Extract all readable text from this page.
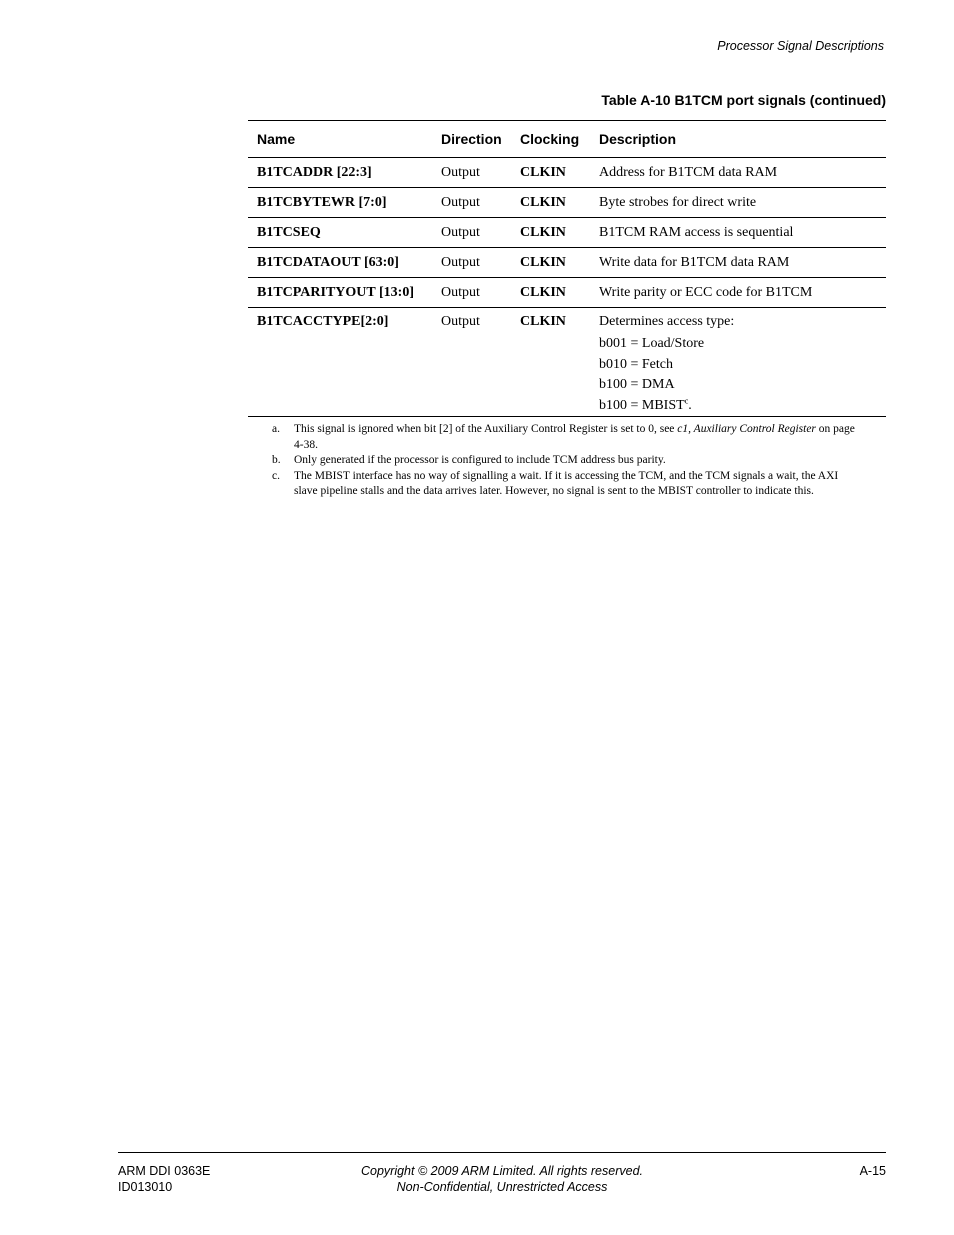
Processor Signal Descriptions
Table A-10 B1TCM port signals (continued)
Name	Direction	Clocking	Description
B1TCADDR [22:3]	Output	CLKIN	Address for B1TCM data RAM
B1TCBYTEWR [7:0]	Output	CLKIN	Byte strobes for direct write
B1TCSEQ	Output	CLKIN	B1TCM RAM access is sequential
B1TCDATAOUT [63:0]	Output	CLKIN	Write data for B1TCM data RAM
B1TCPARITYOUT [13:0]	Output	CLKIN	Write parity or ECC code for B1TCM
B1TCACCTYPE[2:0]	Output	CLKIN	Determines access type:
b001 = Load/Store
b010 = Fetch
b100 = DMA
$b100 = MBIST^c$.

a.	This signal is ignored when bit [2] of the Auxiliary Control Register is set to 0, see c1, Auxiliary Control Register on page 4-38.

b.	Only generated if the processor is configured to include TCM address bus parity.

c.	The MBIST interface has no way of signalling a wait. If it is accessing the TCM, and the TCM signals a wait, the AXI slave pipeline stalls and the data arrives later. However, no signal is sent to the MBIST controller to indicate this.

ARM DDI 0363E
ID013010
Copyright © 2009 ARM Limited. All rights reserved.
Non-Confidential, Unrestricted Access
A-15
